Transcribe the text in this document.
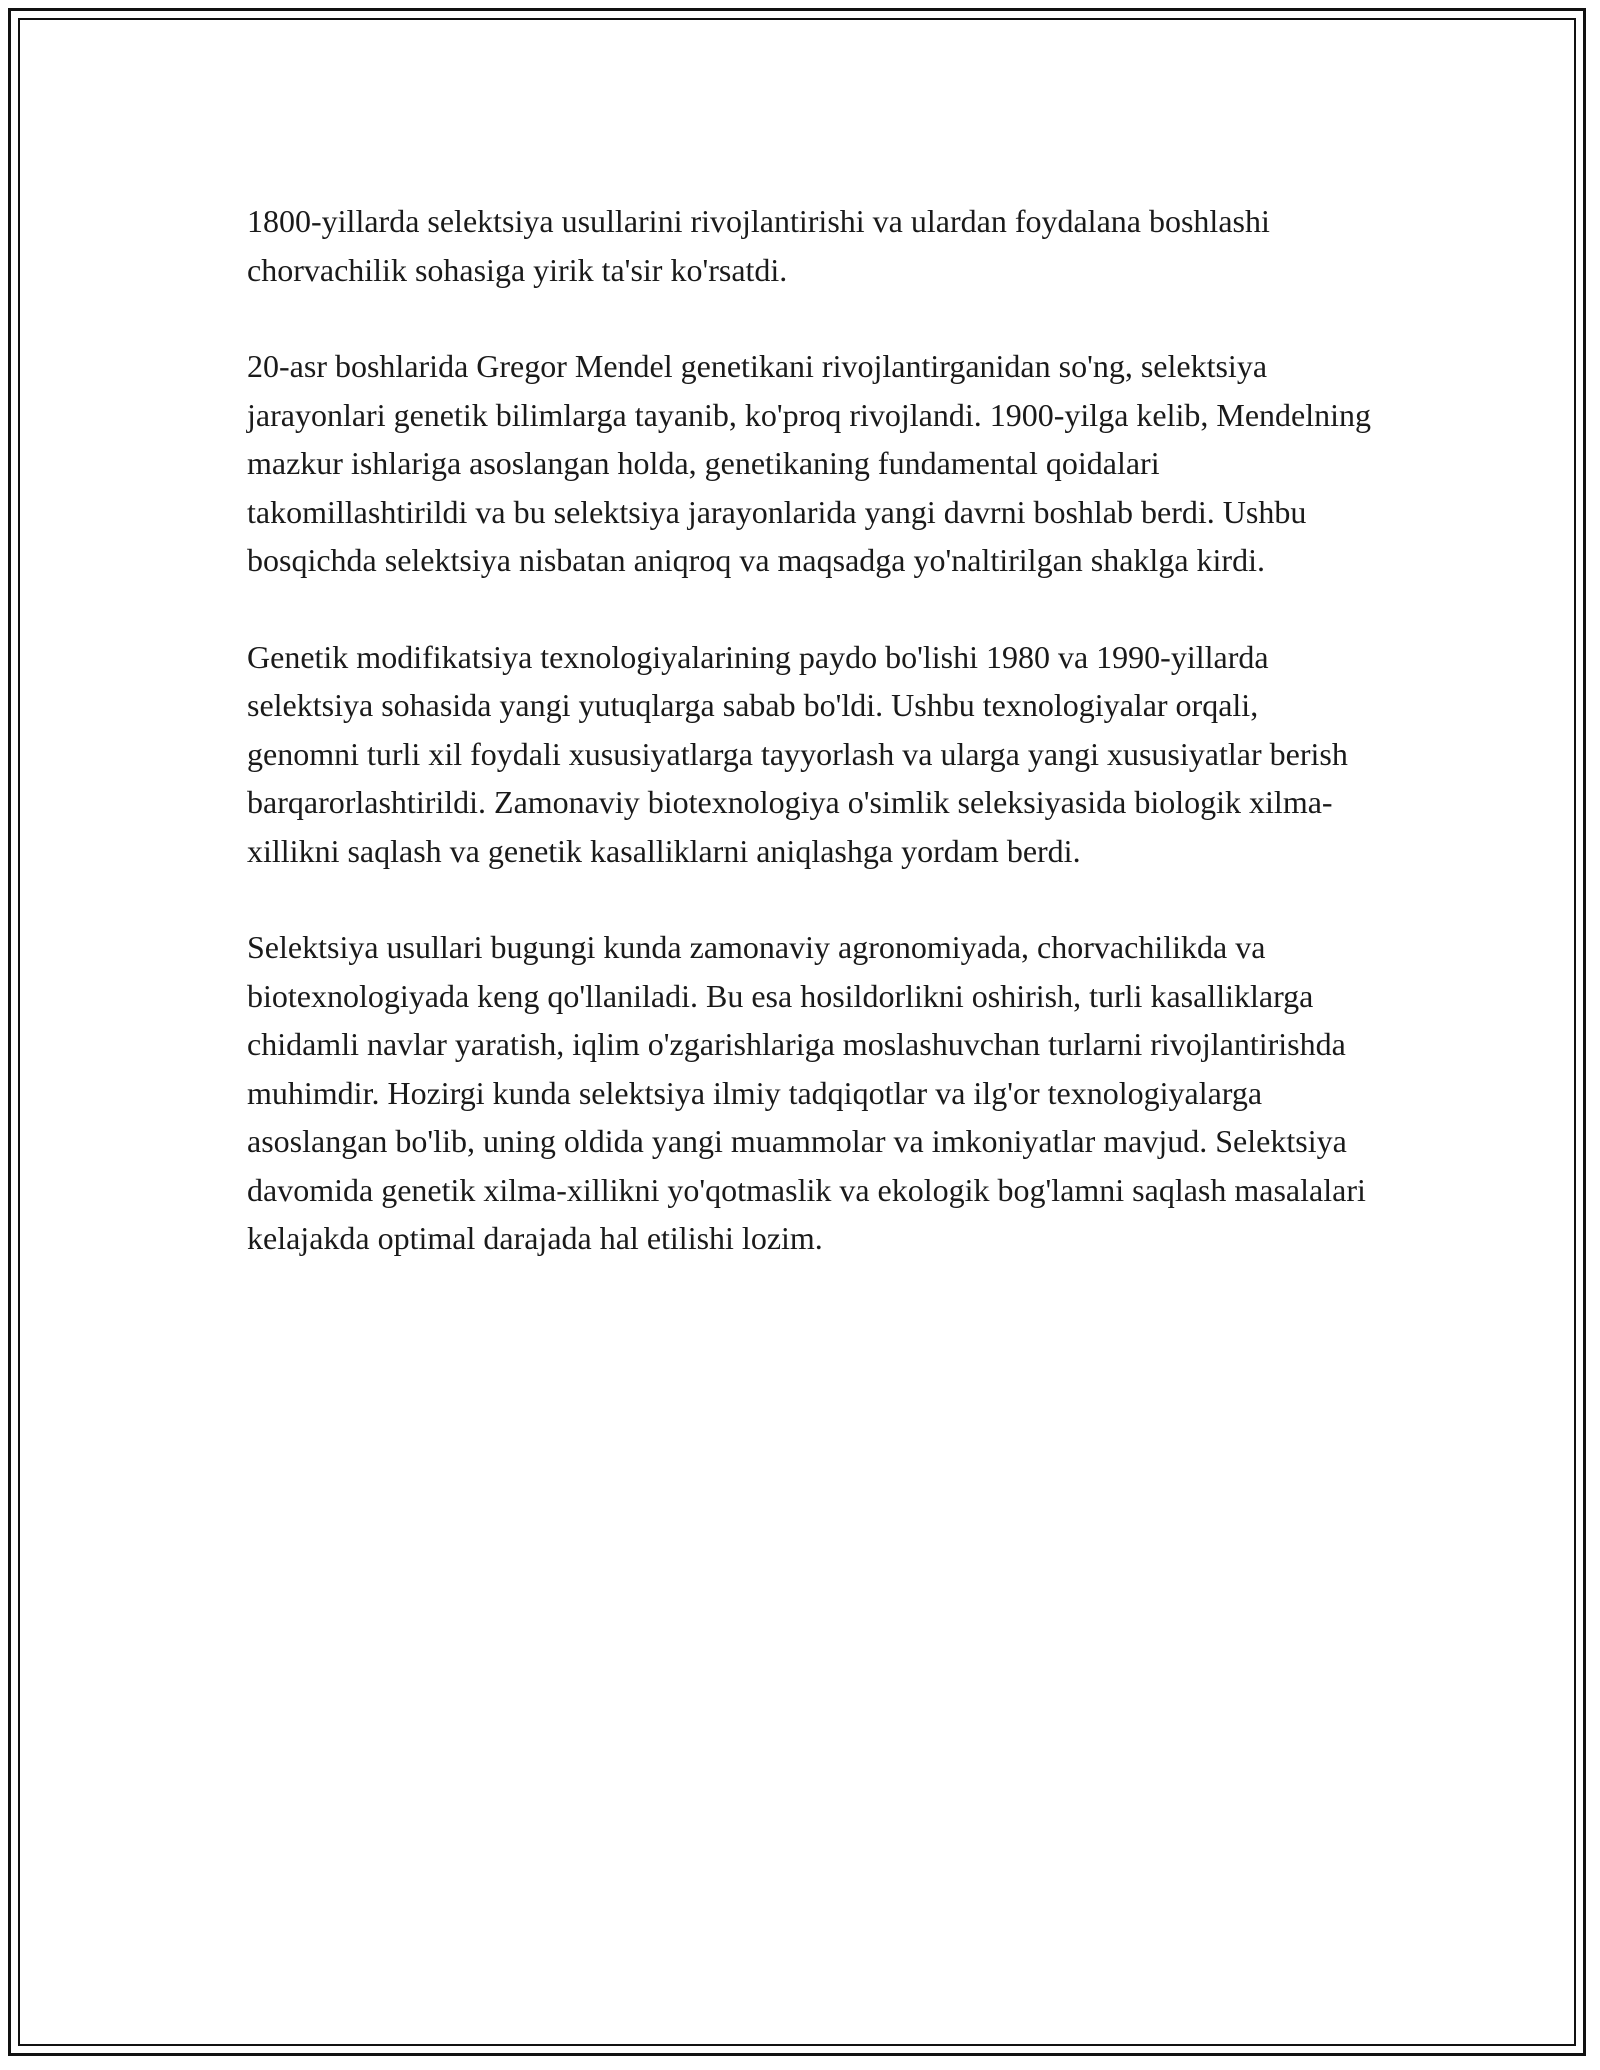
1800-yillarda selektsiya usullarini rivojlantirishi va ulardan foydalana boshlashi chorvachilik sohasiga yirik ta'sir ko'rsatdi.

20-asr boshlarida Gregor Mendel genetikani rivojlantirganidan so'ng, selektsiya jarayonlari genetik bilimlarga tayanib, ko'proq rivojlandi. 1900-yilga kelib, Mendelning mazkur ishlariga asoslangan holda, genetikaning fundamental qoidalari takomillashtirildi va bu selektsiya jarayonlarida yangi davrni boshlab berdi. Ushbu bosqichda selektsiya nisbatan aniqroq va maqsadga yo'naltirilgan shaklga kirdi.

Genetik modifikatsiya texnologiyalarining paydo bo'lishi 1980 va 1990-yillarda selektsiya sohasida yangi yutuqlarga sabab bo'ldi. Ushbu texnologiyalar orqali, genomni turli xil foydali xususiyatlarga tayyorlash va ularga yangi xususiyatlar berish barqarorlashtirildi. Zamonaviy biotexnologiya o'simlik seleksiyasida biologik xilma-xillikni saqlash va genetik kasalliklarni aniqlashga yordam berdi.

Selektsiya usullari bugungi kunda zamonaviy agronomiyada, chorvachilikda va biotexnologiyada keng qo'llaniladi. Bu esa hosildorlikni oshirish, turli kasalliklarga chidamli navlar yaratish, iqlim o'zgarishlariga moslashuvchan turlarni rivojlantirishda muhimdir. Hozirgi kunda selektsiya ilmiy tadqiqotlar va ilg'or texnologiyalarga asoslangan bo'lib, uning oldida yangi muammolar va imkoniyatlar mavjud. Selektsiya davomida genetik xilma-xillikni yo'qotmaslik va ekologik bog'lamni saqlash masalalari kelajakda optimal darajada hal etilishi lozim.
